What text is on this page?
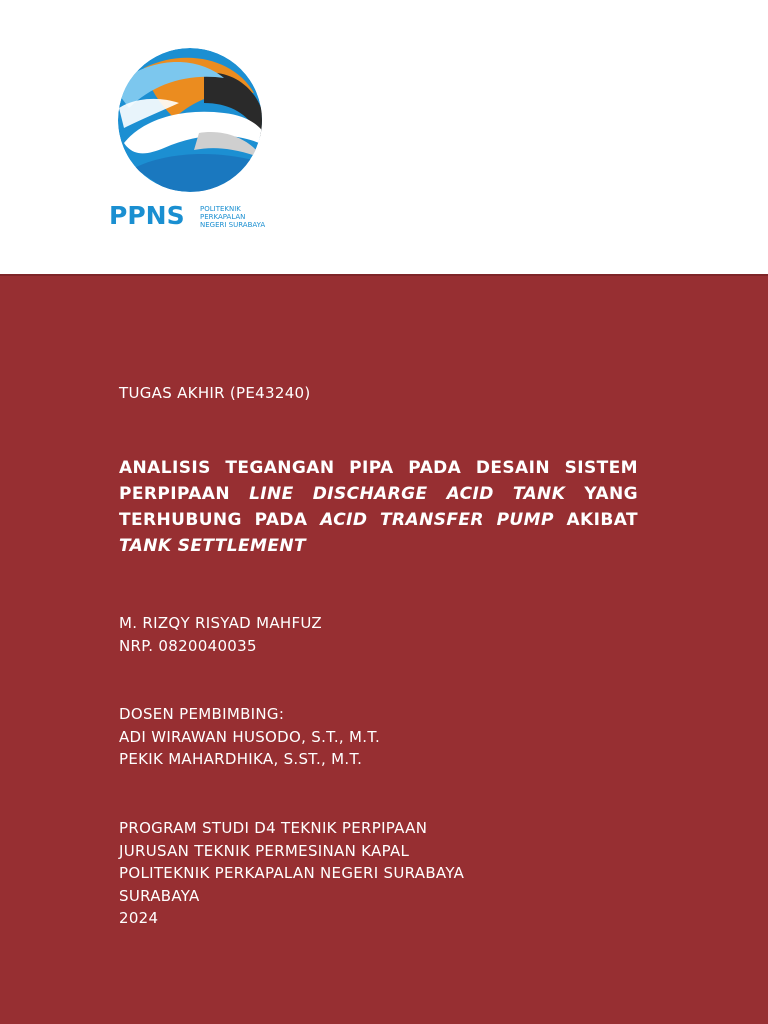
PPNS POLITEKNIK
PERKAPALAN
NEGERI SURABAYA
TUGAS AKHIR (PE43240)
ANALISIS TEGANGAN PIPA PADA DESAIN SISTEM
PERPIPAAN LINE DISCHARGE ACID TANK YANG
TERHUBUNG PADA ACID TRANSFER PUMP AKIBAT
TANK SETTLEMENT
M. RIZQY RISYAD MAHFUZ
NRP. 0820040035
DOSEN PEMBIMBING:
ADI WIRAWAN HUSODO, S.T., M.T.
PEKIK MAHARDHIKA, S.ST., M.T.
PROGRAM STUDI D4 TEKNIK PERPIPAAN
JURUSAN TEKNIK PERMESINAN KAPAL
POLITEKNIK PERKAPALAN NEGERI SURABAYA
SURABAYA
2024
